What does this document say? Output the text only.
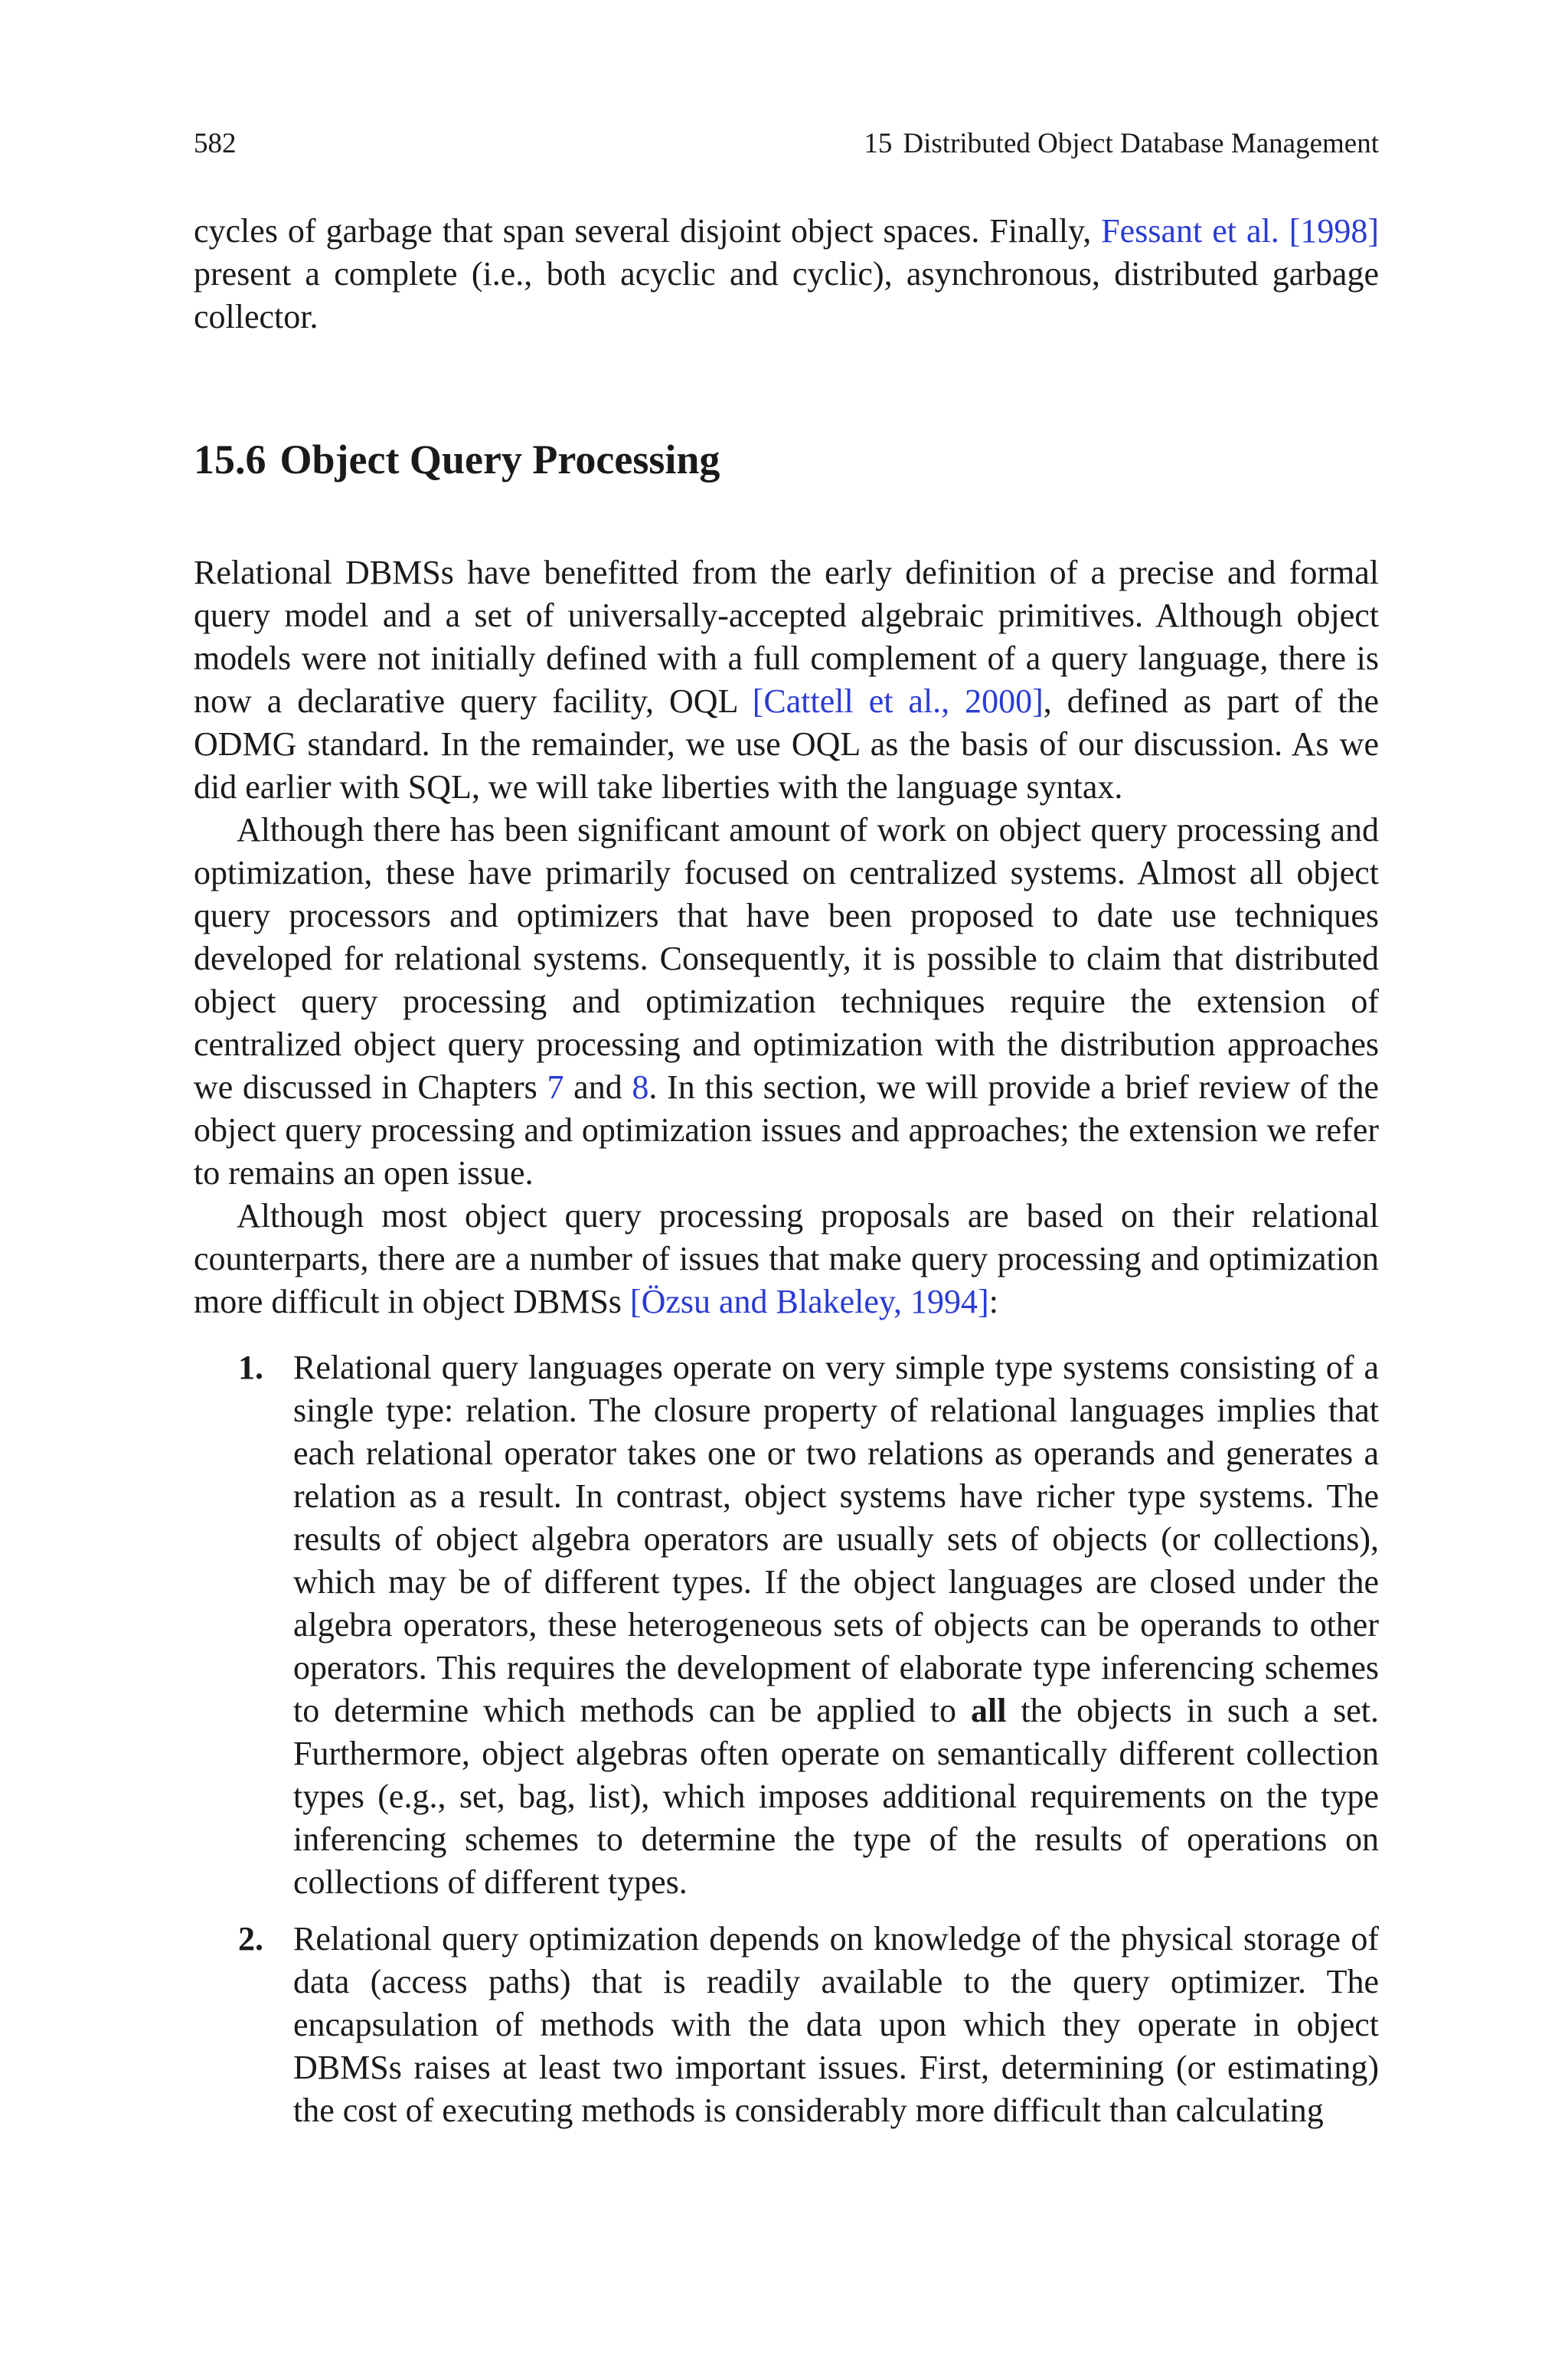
582	15 Distributed Object Database Management

cycles of garbage that span several disjoint object spaces. Finally, Fessant et al. [1998] present a complete (i.e., both acyclic and cyclic), asynchronous, distributed garbage collector.

15.6 Object Query Processing

Relational DBMSs have benefitted from the early definition of a precise and formal query model and a set of universally-accepted algebraic primitives. Although object models were not initially defined with a full complement of a query language, there is now a declarative query facility, OQL [Cattell et al., 2000], defined as part of the ODMG standard. In the remainder, we use OQL as the basis of our discussion. As we did earlier with SQL, we will take liberties with the language syntax.

Although there has been significant amount of work on object query processing and optimization, these have primarily focused on centralized systems. Almost all object query processors and optimizers that have been proposed to date use techniques developed for relational systems. Consequently, it is possible to claim that distributed object query processing and optimization techniques require the extension of centralized object query processing and optimization with the distribution approaches we discussed in Chapters 7 and 8. In this section, we will provide a brief review of the object query processing and optimization issues and approaches; the extension we refer to remains an open issue.

Although most object query processing proposals are based on their relational counterparts, there are a number of issues that make query processing and optimization more difficult in object DBMSs [Özsu and Blakeley, 1994]:

1. Relational query languages operate on very simple type systems consisting of a single type: relation. The closure property of relational languages implies that each relational operator takes one or two relations as operands and generates a relation as a result. In contrast, object systems have richer type systems. The results of object algebra operators are usually sets of objects (or collections), which may be of different types. If the object languages are closed under the algebra operators, these heterogeneous sets of objects can be operands to other operators. This requires the development of elaborate type inferencing schemes to determine which methods can be applied to all the objects in such a set. Furthermore, object algebras often operate on semantically different collection types (e.g., set, bag, list), which imposes additional requirements on the type inferencing schemes to determine the type of the results of operations on collections of different types.
2. Relational query optimization depends on knowledge of the physical storage of data (access paths) that is readily available to the query optimizer. The encapsulation of methods with the data upon which they operate in object DBMSs raises at least two important issues. First, determining (or estimating) the cost of executing methods is considerably more difficult than calculating
